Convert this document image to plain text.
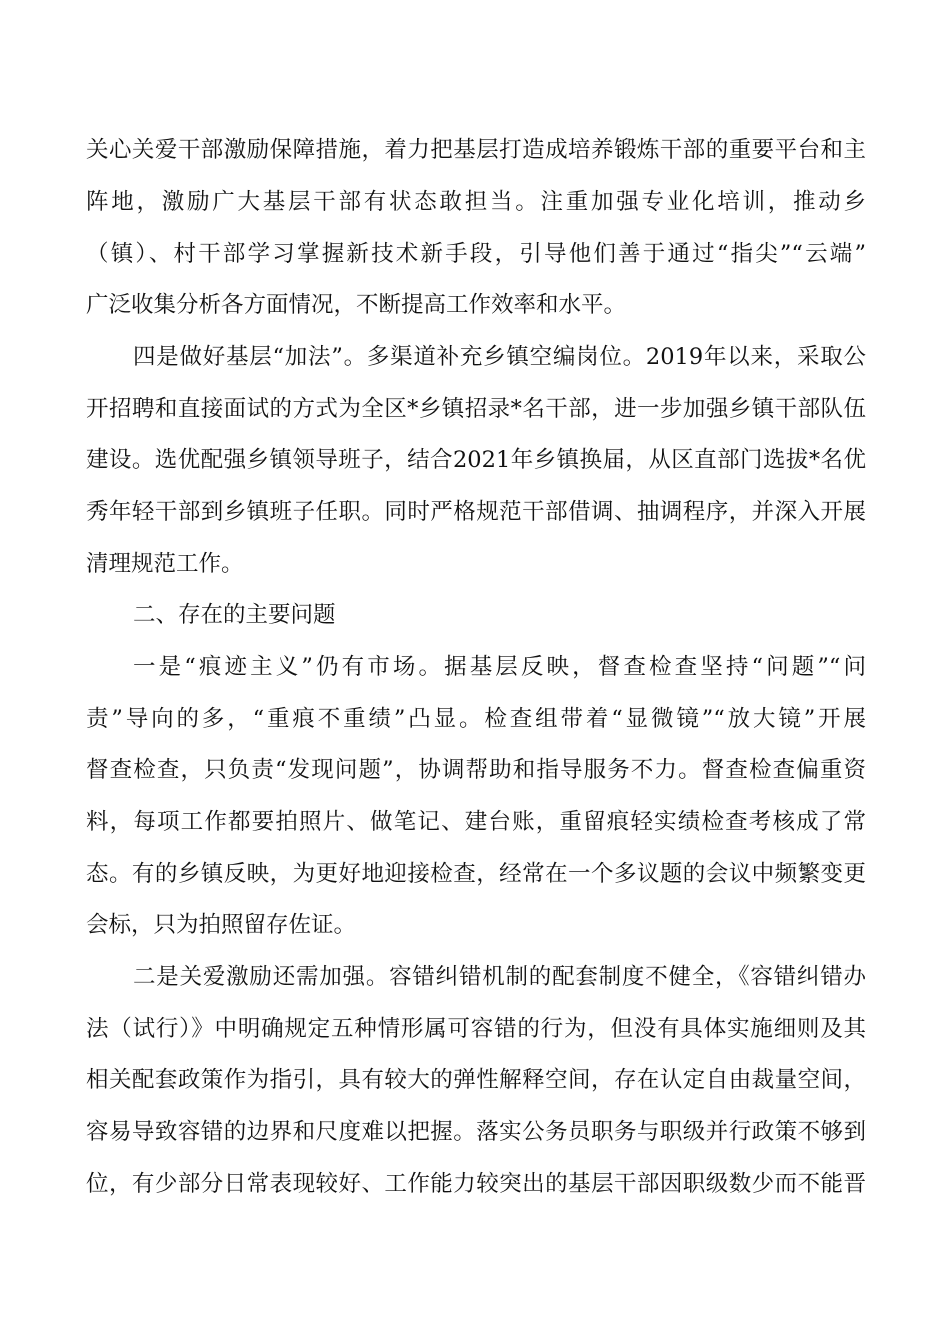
关心关爱干部激励保障措施，着力把基层打造成培养锻炼干部的重要平台和主
阵地，激励广大基层干部有状态敢担当。注重加强专业化培训，推动乡
（镇）、村干部学习掌握新技术新手段，引导他们善于通过“指尖”“云端”
广泛收集分析各方面情况，不断提高工作效率和水平。
四是做好基层“加法”。多渠道补充乡镇空编岗位。2019年以来，采取公
开招聘和直接面试的方式为全区*乡镇招录*名干部，进一步加强乡镇干部队伍
建设。选优配强乡镇领导班子，结合2021年乡镇换届，从区直部门选拔*名优
秀年轻干部到乡镇班子任职。同时严格规范干部借调、抽调程序，并深入开展
清理规范工作。
二、存在的主要问题
一是“痕迹主义”仍有市场。据基层反映，督查检查坚持“问题”“问
责”导向的多，“重痕不重绩”凸显。检查组带着“显微镜”“放大镜”开展
督查检查，只负责“发现问题”，协调帮助和指导服务不力。督查检查偏重资
料，每项工作都要拍照片、做笔记、建台账，重留痕轻实绩检查考核成了常
态。有的乡镇反映，为更好地迎接检查，经常在一个多议题的会议中频繁变更
会标，只为拍照留存佐证。
二是关爱激励还需加强。容错纠错机制的配套制度不健全，《容错纠错办
法（试行）》中明确规定五种情形属可容错的行为，但没有具体实施细则及其
相关配套政策作为指引，具有较大的弹性解释空间，存在认定自由裁量空间，
容易导致容错的边界和尺度难以把握。落实公务员职务与职级并行政策不够到
位，有少部分日常表现较好、工作能力较突出的基层干部因职级数少而不能晋
